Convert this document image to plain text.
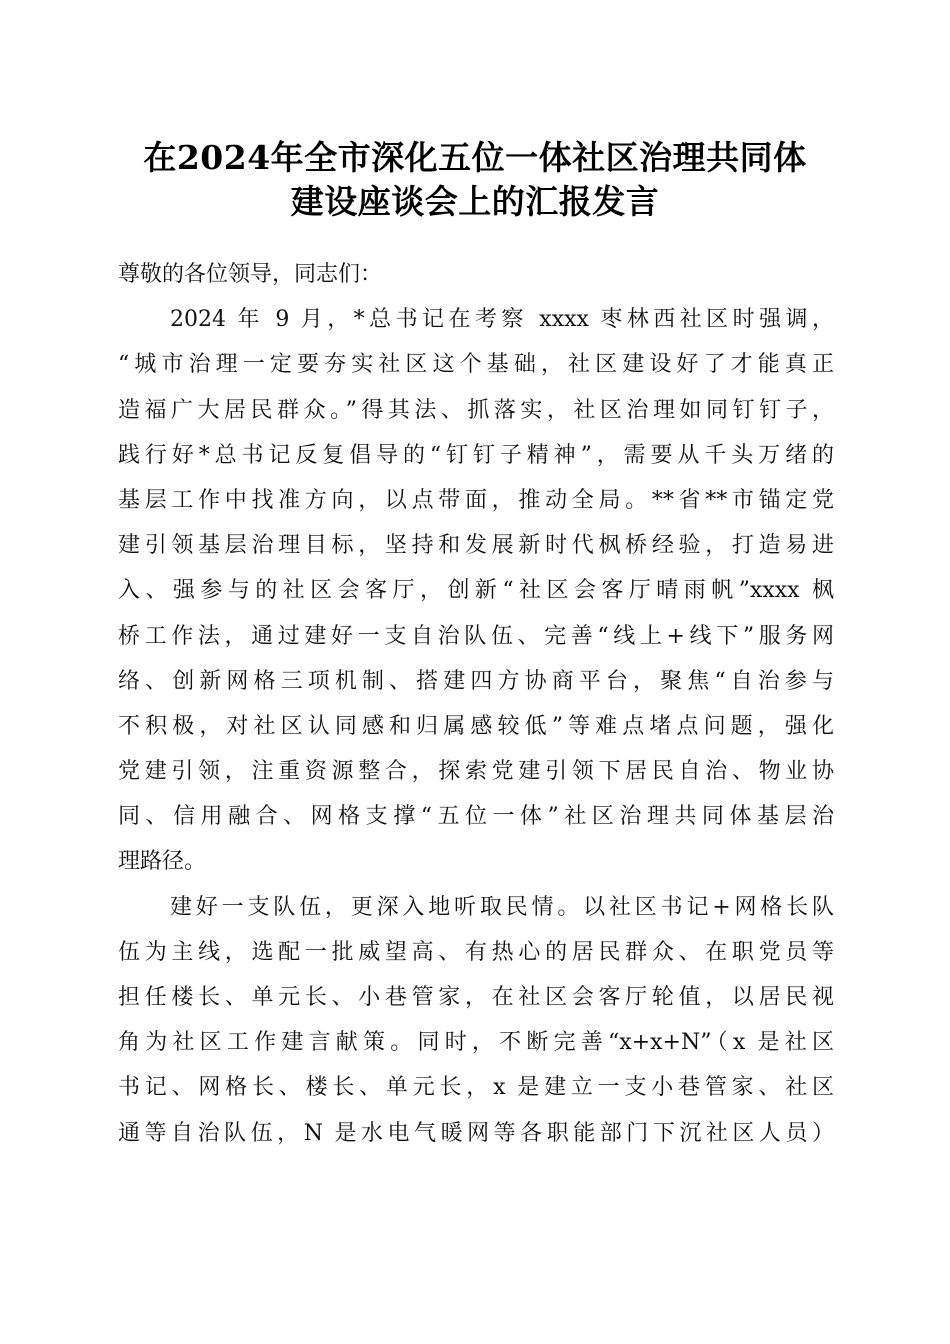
在2024年全市深化五位一体社区治理共同体
建设座谈会上的汇报发言
尊敬的各位领导，同志们：
2024 年 9 月，*总书记在考察 xxxx 枣林西社区时强调，
“城市治理一定要夯实社区这个基础，社区建设好了才能真正
造福广大居民群众。”得其法、抓落实，社区治理如同钉钉子，
践行好*总书记反复倡导的“钉钉子精神”，需要从千头万绪的
基层工作中找准方向，以点带面，推动全局。**省**市锚定党
建引领基层治理目标，坚持和发展新时代枫桥经验，打造易进
入、强参与的社区会客厅，创新“社区会客厅晴雨帆”xxxx 枫
桥工作法，通过建好一支自治队伍、完善“线上+线下”服务网
络、创新网格三项机制、搭建四方协商平台，聚焦“自治参与
不积极，对社区认同感和归属感较低”等难点堵点问题，强化
党建引领，注重资源整合，探索党建引领下居民自治、物业协
同、信用融合、网格支撑“五位一体”社区治理共同体基层治
理路径。
建好一支队伍，更深入地听取民情。以社区书记+网格长队
伍为主线，选配一批威望高、有热心的居民群众、在职党员等
担任楼长、单元长、小巷管家，在社区会客厅轮值，以居民视
角为社区工作建言献策。同时，不断完善“x+x+N”（x 是社区
书记、网格长、楼长、单元长，x 是建立一支小巷管家、社区
通等自治队伍，N 是水电气暖网等各职能部门下沉社区人员）
